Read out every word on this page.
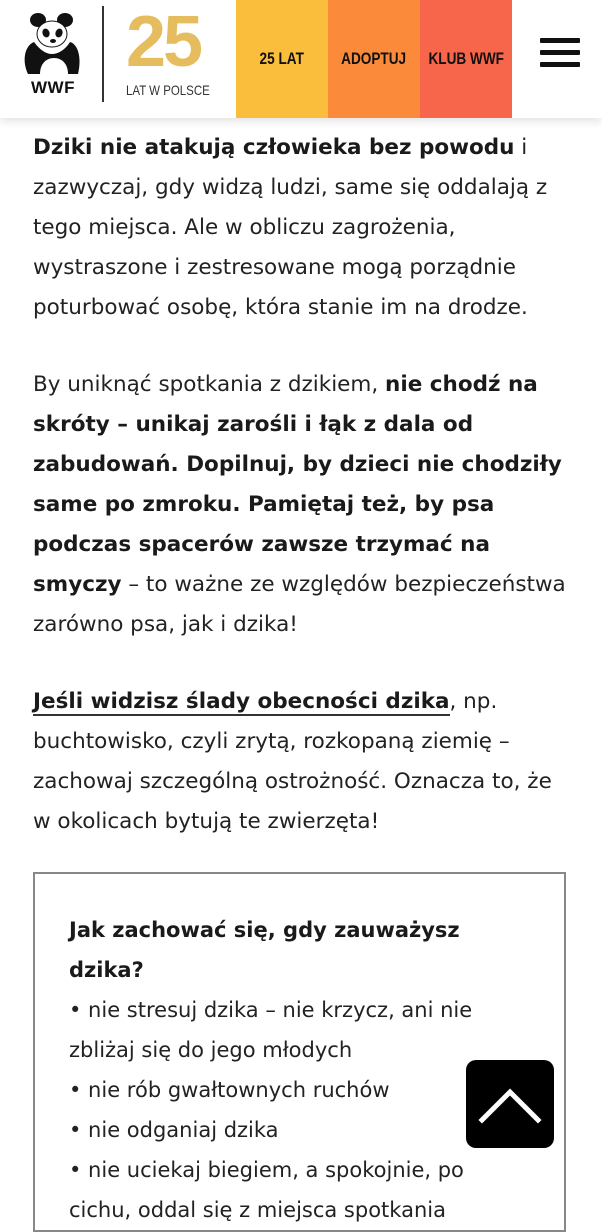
WWF
25
LAT W POLSCE
25 LAT ADOPTUJ KLUB WWF

Dziki nie atakują człowieka bez powodu i zazwyczaj, gdy widzą ludzi, same się oddalają z tego miejsca. Ale w obliczu zagrożenia, wystraszone i zestresowane mogą porządnie poturbować osobę, która stanie im na drodze.

By uniknąć spotkania z dzikiem, nie chodź na skróty – unikaj zarośli i łąk z dala od zabudowań. Dopilnuj, by dzieci nie chodziły same po zmroku. Pamiętaj też, by psa podczas spacerów zawsze trzymać na smyczy – to ważne ze względów bezpieczeństwa zarówno psa, jak i dzika!

Jeśli widzisz ślady obecności dzika, np. buchtowisko, czyli zrytą, rozkopaną ziemię – zachowaj szczególną ostrożność. Oznacza to, że w okolicach bytują te zwierzęta!

Jak zachować się, gdy zauważysz dzika?

• nie stresuj dzika – nie krzycz, ani nie zbliżaj się do jego młodych

• nie rób gwałtownych ruchów

• nie odganiaj dzika

• nie uciekaj biegiem, a spokojnie, po cichu, oddal się z miejsca spotkania
